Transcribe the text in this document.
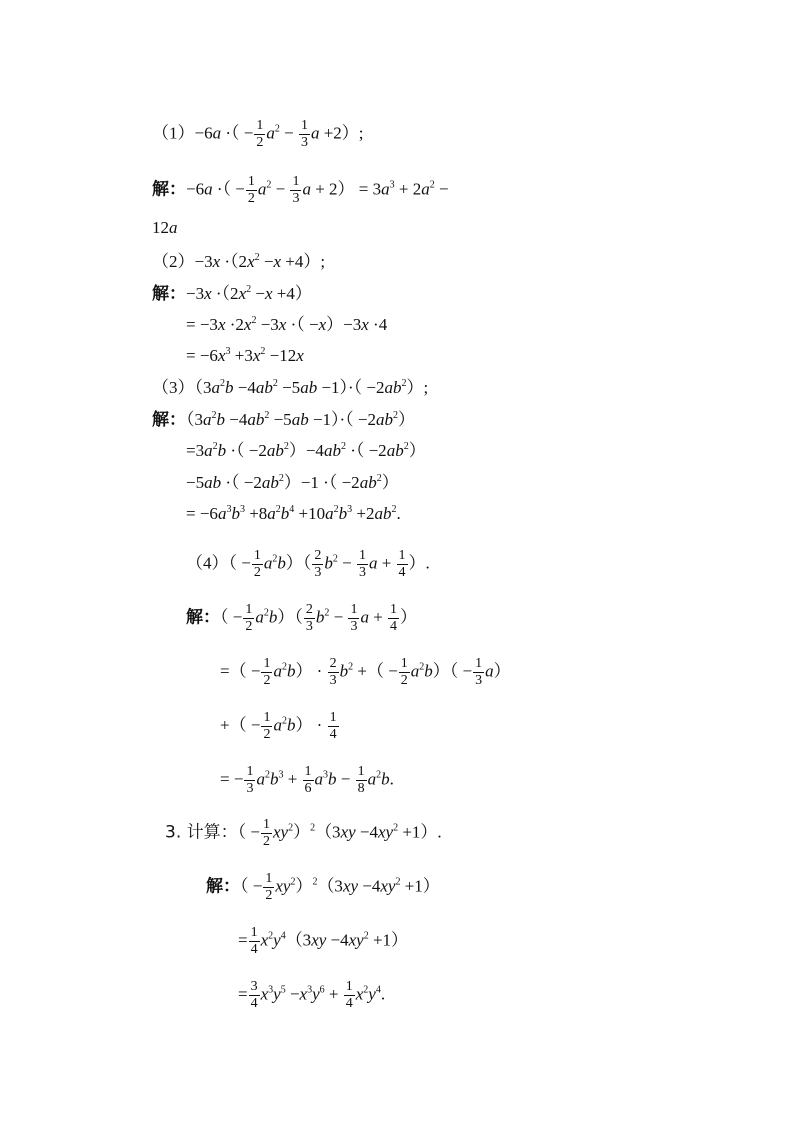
（1）−6a ·（ − $\frac{1}{2} a^2 - \frac{1}{3}$ a +2）;
解：−6a ·（ − $\frac{1}{2} a^2 - \frac{1}{3}$ $a + 2) = 3a^3 + 2a^2$ −
12a
$(2)-3x \cdot(2x^2 -x +4)$;
解：$-3x \cdot(2x^2 -x +4)$
= $-3x \cdot 2x^2 -3x$ ·（ −x）−3x ·4
= $-6x^3 +3x^2 -12x$
$(3)(3a^2b -4ab^2 -5ab -1)\cdot( -2ab^2)$;
解：$(3a^2b -4ab^2 -5ab -1)\cdot( -2ab^2)$
$=3a^2b$ ·（ $-2ab^2)-4ab^2$ ·（ $-2ab^2$）
−5ab ·（ $-2ab^2)-1$ ·（ $-2ab^2$）
= $-6a^3b^3 +8a^2b^4 +10a^2b^3 +2ab^2$.
$(4)( - \frac{1}{2} a^2b)( \frac{2}{3} b^2 - \frac{1}{3}$ $a + \frac{1}{4}$ ）.
解：（ − $\frac{1}{2} a^2b)( \frac{2}{3} b^2 - \frac{1}{3}$ $a + \frac{1}{4}$ ）
=（ − $\frac{1}{2} a^2b) \cdot \frac{2}{3} b^2$ +（ − $\frac{1}{2} a^2b)( - \frac{1}{3} a)$
+（ − $\frac{1}{2} a^2b) \cdot \frac{1}{4}$
= − $\frac{1}{3} a^2b^3 + \frac{1}{6} a^3b - \frac{1}{8} a^2b$.
3. 计算：（ − $\frac{1}{2} xy^2)^2(3xy -4xy^2 +1)$.
解：（ − $\frac{1}{2} xy^2)^2(3xy -4xy^2 +1)$
= $\frac{1}{4} x^2y^4(3xy -4xy^2 +1)$
= $\frac{3}{4} x^3y^5 -x^3y^6 + \frac{1}{4} x^2y^4$.
